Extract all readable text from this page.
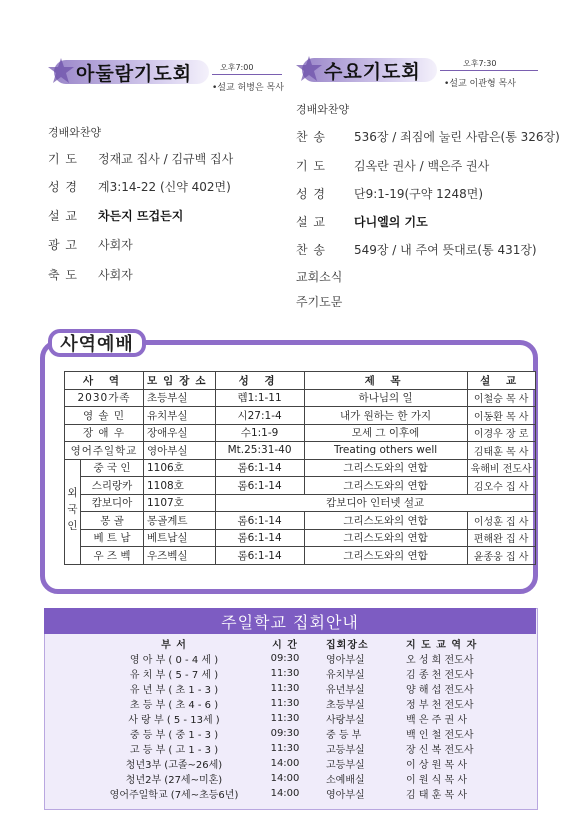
아둘람기도회	오후7:00
•설교 허병은 목사
경배와찬양
기 도 정재교 집사 / 김규백 집사
성 경 계3:14-22 (신약 402면)
설 교 차든지 뜨겁든지
광 고 사회자
축 도 사회자
수요기도회	오후7:30
•설교 이관형 목사
경배와찬양
찬 송 536장 / 죄짐에 눌린 사람은(통 326장)
기 도 김옥란 권사 / 백은주 권사
성 경 단9:1-19(구약 1248면)
설 교 다니엘의 기도
찬 송 549장 / 내 주여 뜻대로(통 431장)
교회소식
주기도문
사역예배
사 역		모임장소	성 경	제 목	설 교
2030가족		초등부실	렘1:1-11	하나님의 일	이철승 목 사
영 솔 민		유치부실	시27:1-4	내가 원하는 한 가지	이동환 목 사
장 애 우		장애우실	수1:1-9	모세 그 이후에	이경우 장 로
영어주일학교		영아부실	Mt.25:31-40	Treating others well	김태훈 목 사
외국인	중 국 인	1106호	롬6:1-14	그리스도와의 연합	육해비 전도사
	스리랑카	1108호	롬6:1-14	그리스도와의 연합	김오수 집 사
	캄보디아	1107호	캄보디아 인터넷 설교		
	몽 골	몽골계트	롬6:1-14	그리스도와의 연합	이성훈 집 사
	베 트 남	베트남실	롬6:1-14	그리스도와의 연합	편해완 집 사
	우 즈 벡	우즈벡실	롬6:1-14	그리스도와의 연합	윤종웅 집 사
주일학교 집회안내
부 서	시 간	집회장소	지 도 교 역 자
영 아 부 ( 0 - 4 세 )	09:30	영아부실	오 성 희 전도사
유 치 부 ( 5 - 7 세 )	11:30	유치부실	김 종 천 전도사
유 년 부 ( 초 1 - 3 )	11:30	유년부실	양 해 섭 전도사
초 등 부 ( 초 4 - 6 )	11:30	초등부실	정 부 천 전도사
사 랑 부 ( 5 - 13세 )	11:30	사랑부실	백 은 주 권 사
중 등 부 ( 중 1 - 3 )	09:30	중 등 부	백 인 철 전도사
고 등 부 ( 고 1 - 3 )	11:30	고등부실	장 신 복 전도사
청년3부 (고졸~26세)	14:00	고등부실	이 상 원 목 사
청년2부 (27세~미혼)	14:00	소예배실	이 원 식 목 사
영어주일학교 (7세~초등6년)	14:00	영아부실	김 태 훈 목 사
